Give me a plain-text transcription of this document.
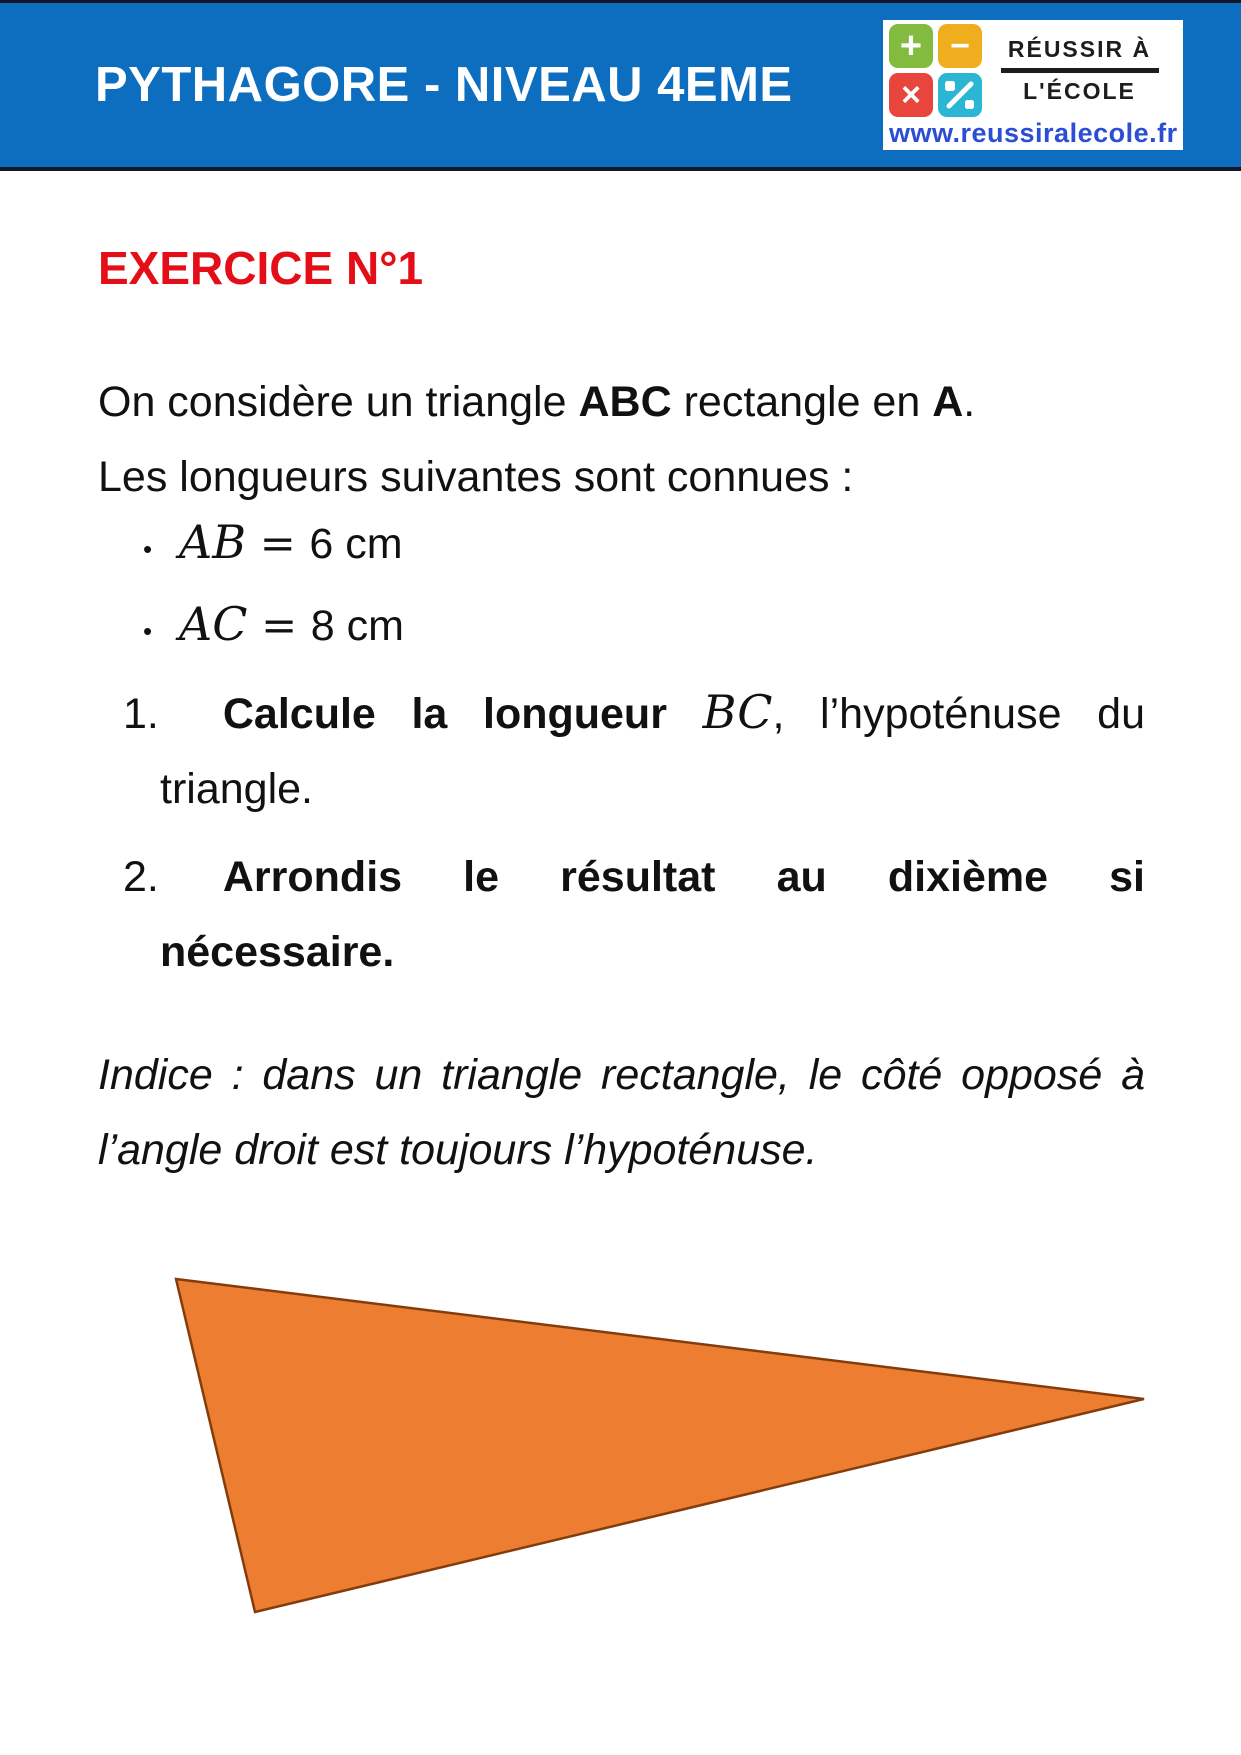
PYTHAGORE - NIVEAU 4EME
+ −
×
RÉUSSIR À
L'ÉCOLE
www.reussiralecole.fr
EXERCICE N°1

On considère un triangle ABC rectangle en A.

Les longueurs suivantes sont connues :

• AB = 6 cm
• AC = 8 cm
1. Calcule la longueur BC, l’hypoténuse du triangle.
2. Arrondis le résultat au dixième si nécessaire.

Indice : dans un triangle rectangle, le côté opposé à l’angle droit est toujours l’hypoténuse.
